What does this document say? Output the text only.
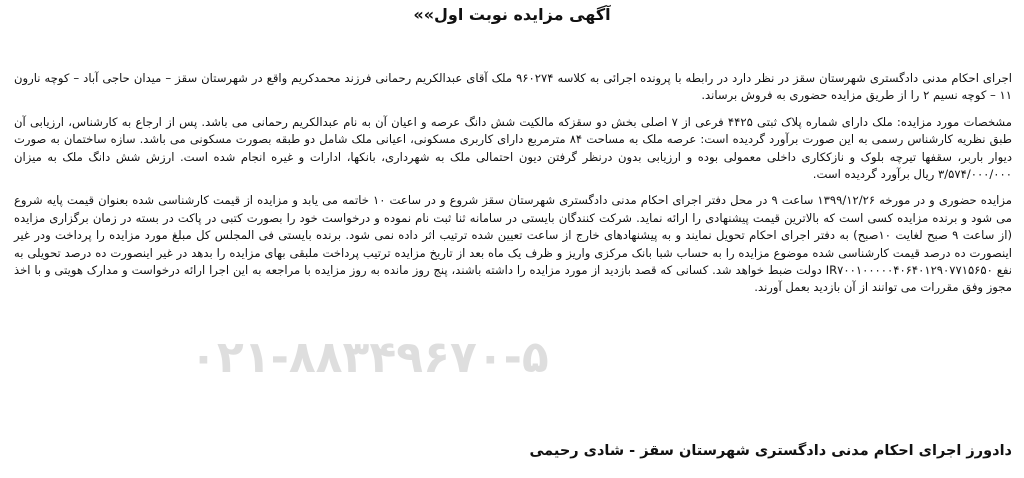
آگهی مزایده نوبت اول»»

اجرای احکام مدنی دادگستری شهرستان سقز در نظر دارد در رابطه با پرونده اجرائی به کلاسه ۹۶۰۲۷۴ ملک آقای عبدالکریم رحمانی فرزند محمدکریم واقع در شهرستان سقز – میدان حاجی آباد – کوچه نارون ۱۱ – کوچه نسیم ۲ را از طریق مزایده حضوری به فروش برساند.

مشخصات مورد مزایده: ملک دارای شماره پلاک ثبتی ۴۴۲۵ فرعی از ۷ اصلی بخش دو سقزکه مالکیت شش دانگ عرصه و اعیان آن به نام عبدالکریم رحمانی می باشد. پس از ارجاع به کارشناس، ارزیابی آن طبق نظریه کارشناس رسمی به این صورت برآورد گردیده است: عرصه ملک به مساحت ۸۴ مترمربع دارای کاربری مسکونی، اعیانی ملک شامل دو طبقه بصورت مسکونی می باشد. سازه ساختمان به صورت دیوار باربر، سقفها تیرچه بلوک و نازککاری داخلی معمولی بوده و ارزیابی بدون درنظر گرفتن دیون احتمالی ملک به شهرداری، بانکها، ادارات و غیره انجام شده است. ارزش شش دانگ ملک به میزان ۳/۵۷۴/۰۰۰/۰۰۰ ریال برآورد گردیده است.

مزایده حضوری و در مورخه ۱۳۹۹/۱۲/۲۶ ساعت ۹ در محل دفتر اجرای احکام مدنی دادگستری شهرستان سقز شروع و در ساعت ۱۰ خاتمه می یابد و مزایده از قیمت کارشناسی شده بعنوان قیمت پایه شروع می شود و برنده مزایده کسی است که بالاترین قیمت پیشنهادی را ارائه نماید. شرکت کنندگان بایستی در سامانه ثنا ثبت نام نموده و درخواست خود را بصورت کتبی در پاکت در بسته در زمان برگزاری مزایده (از ساعت ۹ صبح لغایت ۱۰صبح) به دفتر اجرای احکام تحویل نمایند و به پیشنهادهای خارج از ساعت تعیین شده ترتیب اثر داده نمی شود. برنده بایستی فی المجلس کل مبلغ مورد مزایده را پرداخت ودر غیر اینصورت ده درصد قیمت کارشناسی شده موضوع مزایده را به حساب شبا بانک مرکزی واریز و ظرف یک ماه بعد از تاریخ مزایده ترتیب پرداخت ملبقی بهای مزایده را بدهد در غیر اینصورت ده درصد تحویلی به نفع IR۷۰۰۱۰۰۰۰۰۴۰۶۴۰۱۲۹۰۷۷۱۵۶۵۰ دولت ضبط خواهد شد. کسانی که قصد بازدید از مورد مزایده را داشته باشند، پنج روز مانده به روز مزایده با مراجعه به این اجرا ارائه درخواست و مدارک هویتی و با اخذ مجوز وفق مقررات می توانند از آن بازدید بعمل آورند.

۰۲۱-۸۸۳۴۹۶۷۰-۵
دادورز اجرای احکام مدنی دادگستری شهرستان سقز - شادی رحیمی
